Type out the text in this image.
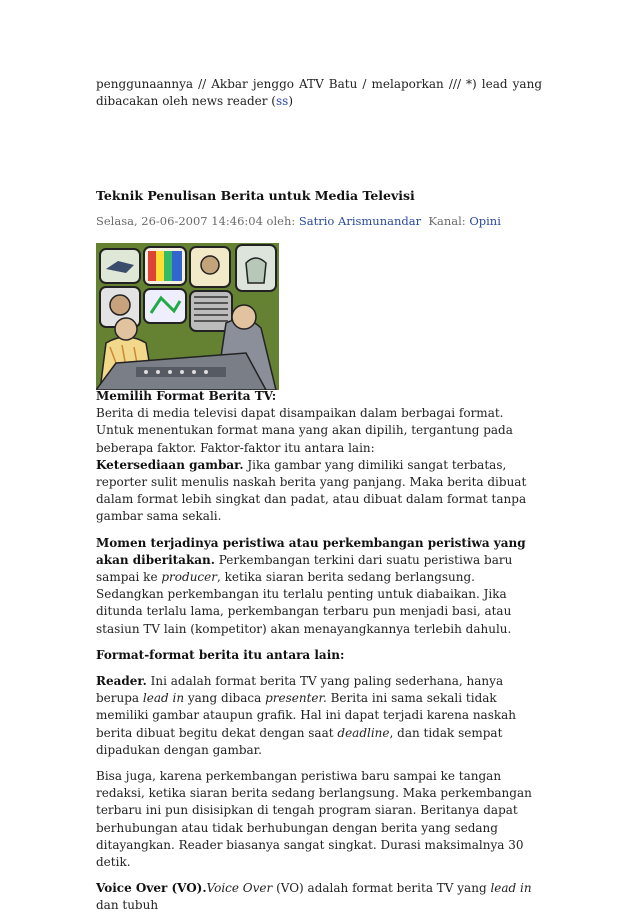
penggunaannya // Akbar jenggo ATV Batu / melaporkan /// *) lead yang

dibacakan oleh news reader (ss)

Teknik Penulisan Berita untuk Media Televisi
Selasa, 26-06-2007 14:46:04 oleh: Satrio Arismunandar  Kanal: Opini

Memilih Format Berita TV:

Berita di media televisi dapat disampaikan dalam berbagai format. Untuk menentukan format mana yang akan dipilih, tergantung pada beberapa faktor. Faktor-faktor itu antara lain:

Ketersediaan gambar. Jika gambar yang dimiliki sangat terbatas, reporter sulit menulis naskah berita yang panjang. Maka berita dibuat dalam format lebih singkat dan padat, atau dibuat dalam format tanpa gambar sama sekali.

Momen terjadinya peristiwa atau perkembangan peristiwa yang akan diberitakan. Perkembangan terkini dari suatu peristiwa baru sampai ke producer, ketika siaran berita sedang berlangsung. Sedangkan perkembangan itu terlalu penting untuk diabaikan. Jika ditunda terlalu lama, perkembangan terbaru pun menjadi basi, atau stasiun TV lain (kompetitor) akan menayangkannya terlebih dahulu.

Format-format berita itu antara lain:

Reader. Ini adalah format berita TV yang paling sederhana, hanya berupa lead in yang dibaca presenter. Berita ini sama sekali tidak memiliki gambar ataupun grafik. Hal ini dapat terjadi karena naskah berita dibuat begitu dekat dengan saat deadline, dan tidak sempat dipadukan dengan gambar.

Bisa juga, karena perkembangan peristiwa baru sampai ke tangan redaksi, ketika siaran berita sedang berlangsung. Maka perkembangan terbaru ini pun disisipkan di tengah program siaran. Beritanya dapat berhubungan atau tidak berhubungan dengan berita yang sedang ditayangkan. Reader biasanya sangat singkat. Durasi maksimalnya 30 detik.

Voice Over (VO).Voice Over (VO) adalah format berita TV yang lead in dan tubuh
